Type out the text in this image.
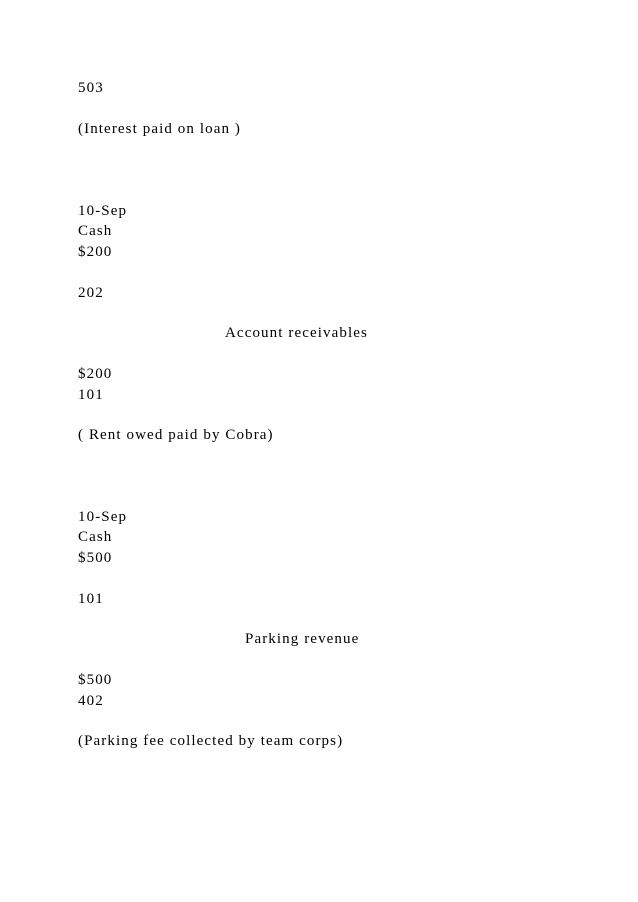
503
(Interest paid on loan )
10-Sep
Cash
$200
202
Account receivables
$200
101
( Rent owed paid by Cobra)
10-Sep
Cash
$500
101
Parking revenue
$500
402
(Parking fee collected by team corps)
